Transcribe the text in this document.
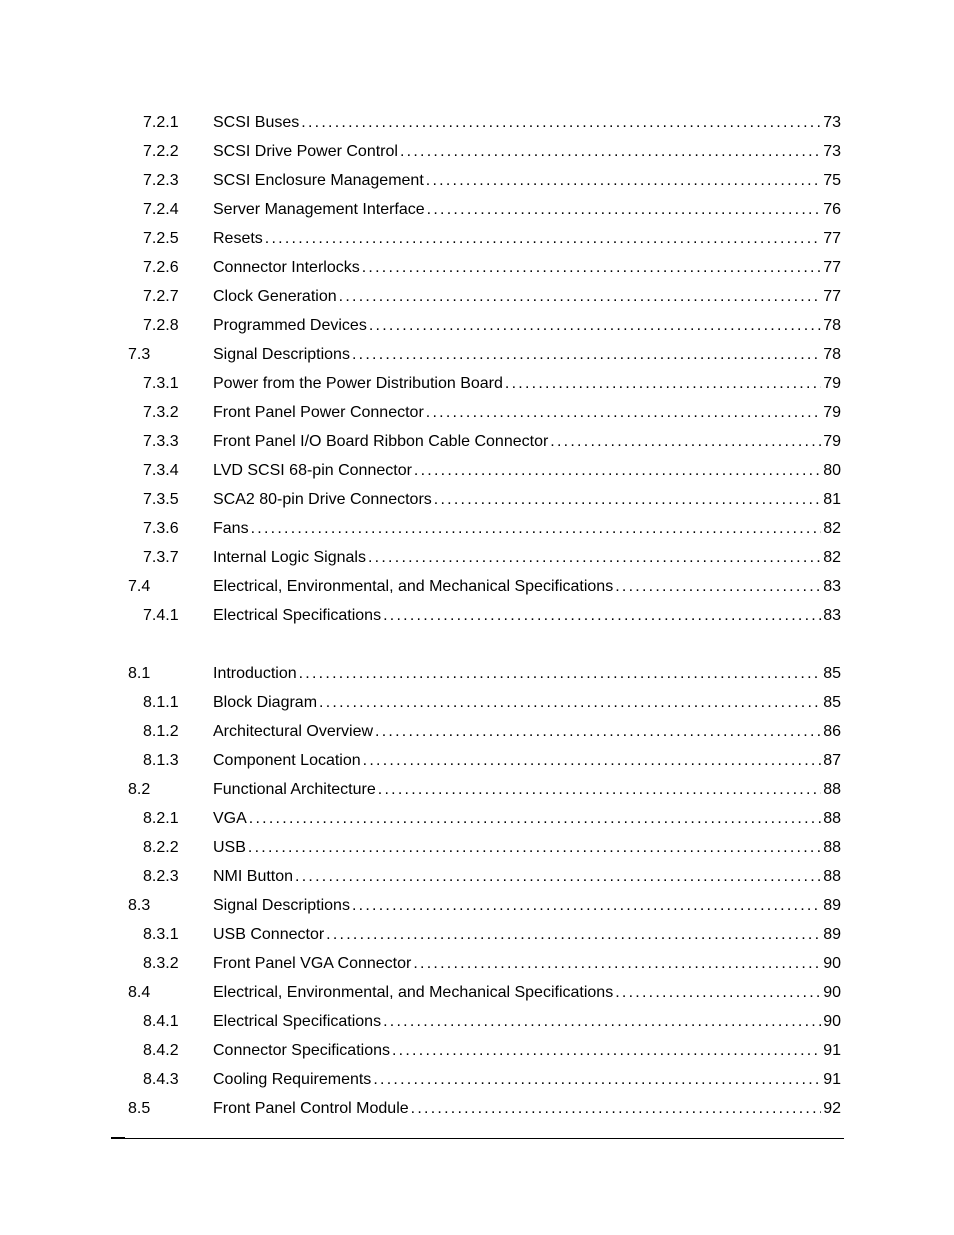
7.2.1 SCSI Buses . . .	73
7.2.2 SCSI Drive Power Control . . .	73
7.2.3 SCSI Enclosure Management . . .	75
7.2.4 Server Management Interface . . .	76
7.2.5 Resets . . .	77
7.2.6 Connector Interlocks . . .	77
7.2.7 Clock Generation . . .	77
7.2.8 Programmed Devices . . .	78
7.3	Signal Descriptions . . .	78
7.3.1 Power from the Power Distribution Board . . .	79
7.3.2 Front Panel Power Connector . . .	79
7.3.3 Front Panel I/O Board Ribbon Cable Connector . . .	79
7.3.4 LVD SCSI 68-pin Connector . . .	80
7.3.5 SCA2 80-pin Drive Connectors . . .	81
7.3.6 Fans . . .	82
7.3.7 Internal Logic Signals . . .	82
7.4	Electrical, Environmental, and Mechanical Specifications . . .	83
7.4.1 Electrical Specifications . . .	83
8.1	Introduction . . .	85
8.1.1 Block Diagram . . .	85
8.1.2 Architectural Overview . . .	86
8.1.3 Component Location . . .	87
8.2	Functional Architecture . . .	88
8.2.1 VGA . . .	88
8.2.2 USB . . .	88
8.2.3 NMI Button . . .	88
8.3	Signal Descriptions . . .	89
8.3.1 USB Connector . . .	89
8.3.2 Front Panel VGA Connector . . .	90
8.4	Electrical, Environmental, and Mechanical Specifications . . .	90
8.4.1 Electrical Specifications . . .	90
8.4.2 Connector Specifications . . .	91
8.4.3 Cooling Requirements . . .	91
8.5	Front Panel Control Module . . .	92
